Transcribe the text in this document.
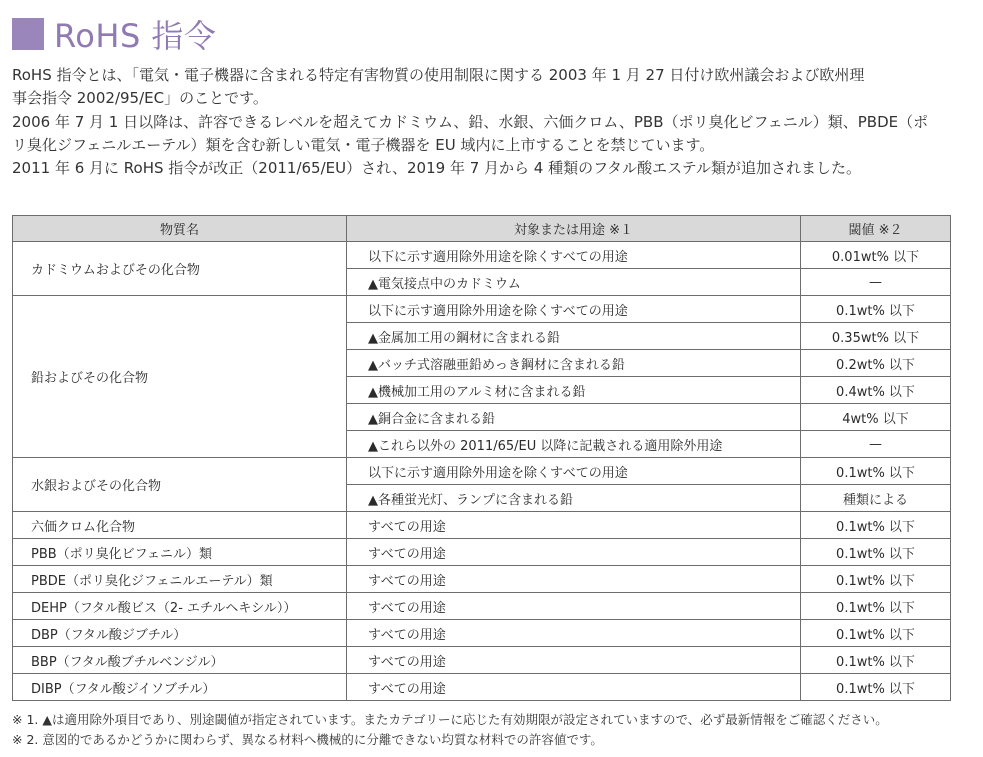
RoHS 指令

RoHS 指令とは、「電気・電子機器に含まれる特定有害物質の使用制限に関する 2003 年 1 月 27 日付け欧州議会および欧州理

事会指令 2002/95/EC」のことです。

2006 年 7 月 1 日以降は、許容できるレベルを超えてカドミウム、鉛、水銀、六価クロム、PBB（ポリ臭化ビフェニル）類、PBDE（ポ

リ臭化ジフェニルエーテル）類を含む新しい電気・電子機器を EU 域内に上市することを禁じています。

2011 年 6 月に RoHS 指令が改正（2011/65/EU）され、2019 年 7 月から 4 種類のフタル酸エステル類が追加されました。

物質名	対象または用途 ※１	閾値 ※２
カドミウムおよびその化合物	以下に示す適用除外用途を除くすべての用途	0.01wt% 以下
	▲電気接点中のカドミウム	—
鉛およびその化合物	以下に示す適用除外用途を除くすべての用途	0.1wt% 以下
	▲金属加工用の鋼材に含まれる鉛	0.35wt% 以下
	▲バッチ式溶融亜鉛めっき鋼材に含まれる鉛	0.2wt% 以下
	▲機械加工用のアルミ材に含まれる鉛	0.4wt% 以下
	▲銅合金に含まれる鉛	4wt% 以下
	▲これら以外の 2011/65/EU 以降に記載される適用除外用途	—
水銀およびその化合物	以下に示す適用除外用途を除くすべての用途	0.1wt% 以下
	▲各種蛍光灯、ランプに含まれる鉛	種類による
六価クロム化合物	すべての用途	0.1wt% 以下
PBB（ポリ臭化ビフェニル）類	すべての用途	0.1wt% 以下
PBDE（ポリ臭化ジフェニルエーテル）類	すべての用途	0.1wt% 以下
DEHP（フタル酸ビス（2- エチルヘキシル））	すべての用途	0.1wt% 以下
DBP（フタル酸ジブチル）	すべての用途	0.1wt% 以下
BBP（フタル酸ブチルベンジル）	すべての用途	0.1wt% 以下
DIBP（フタル酸ジイソブチル）	すべての用途	0.1wt% 以下

※ 1. ▲は適用除外項目であり、別途閾値が指定されています。またカテゴリーに応じた有効期限が設定されていますので、必ず最新情報をご確認ください。

※ 2. 意図的であるかどうかに関わらず、異なる材料へ機械的に分離できない均質な材料での許容値です。
